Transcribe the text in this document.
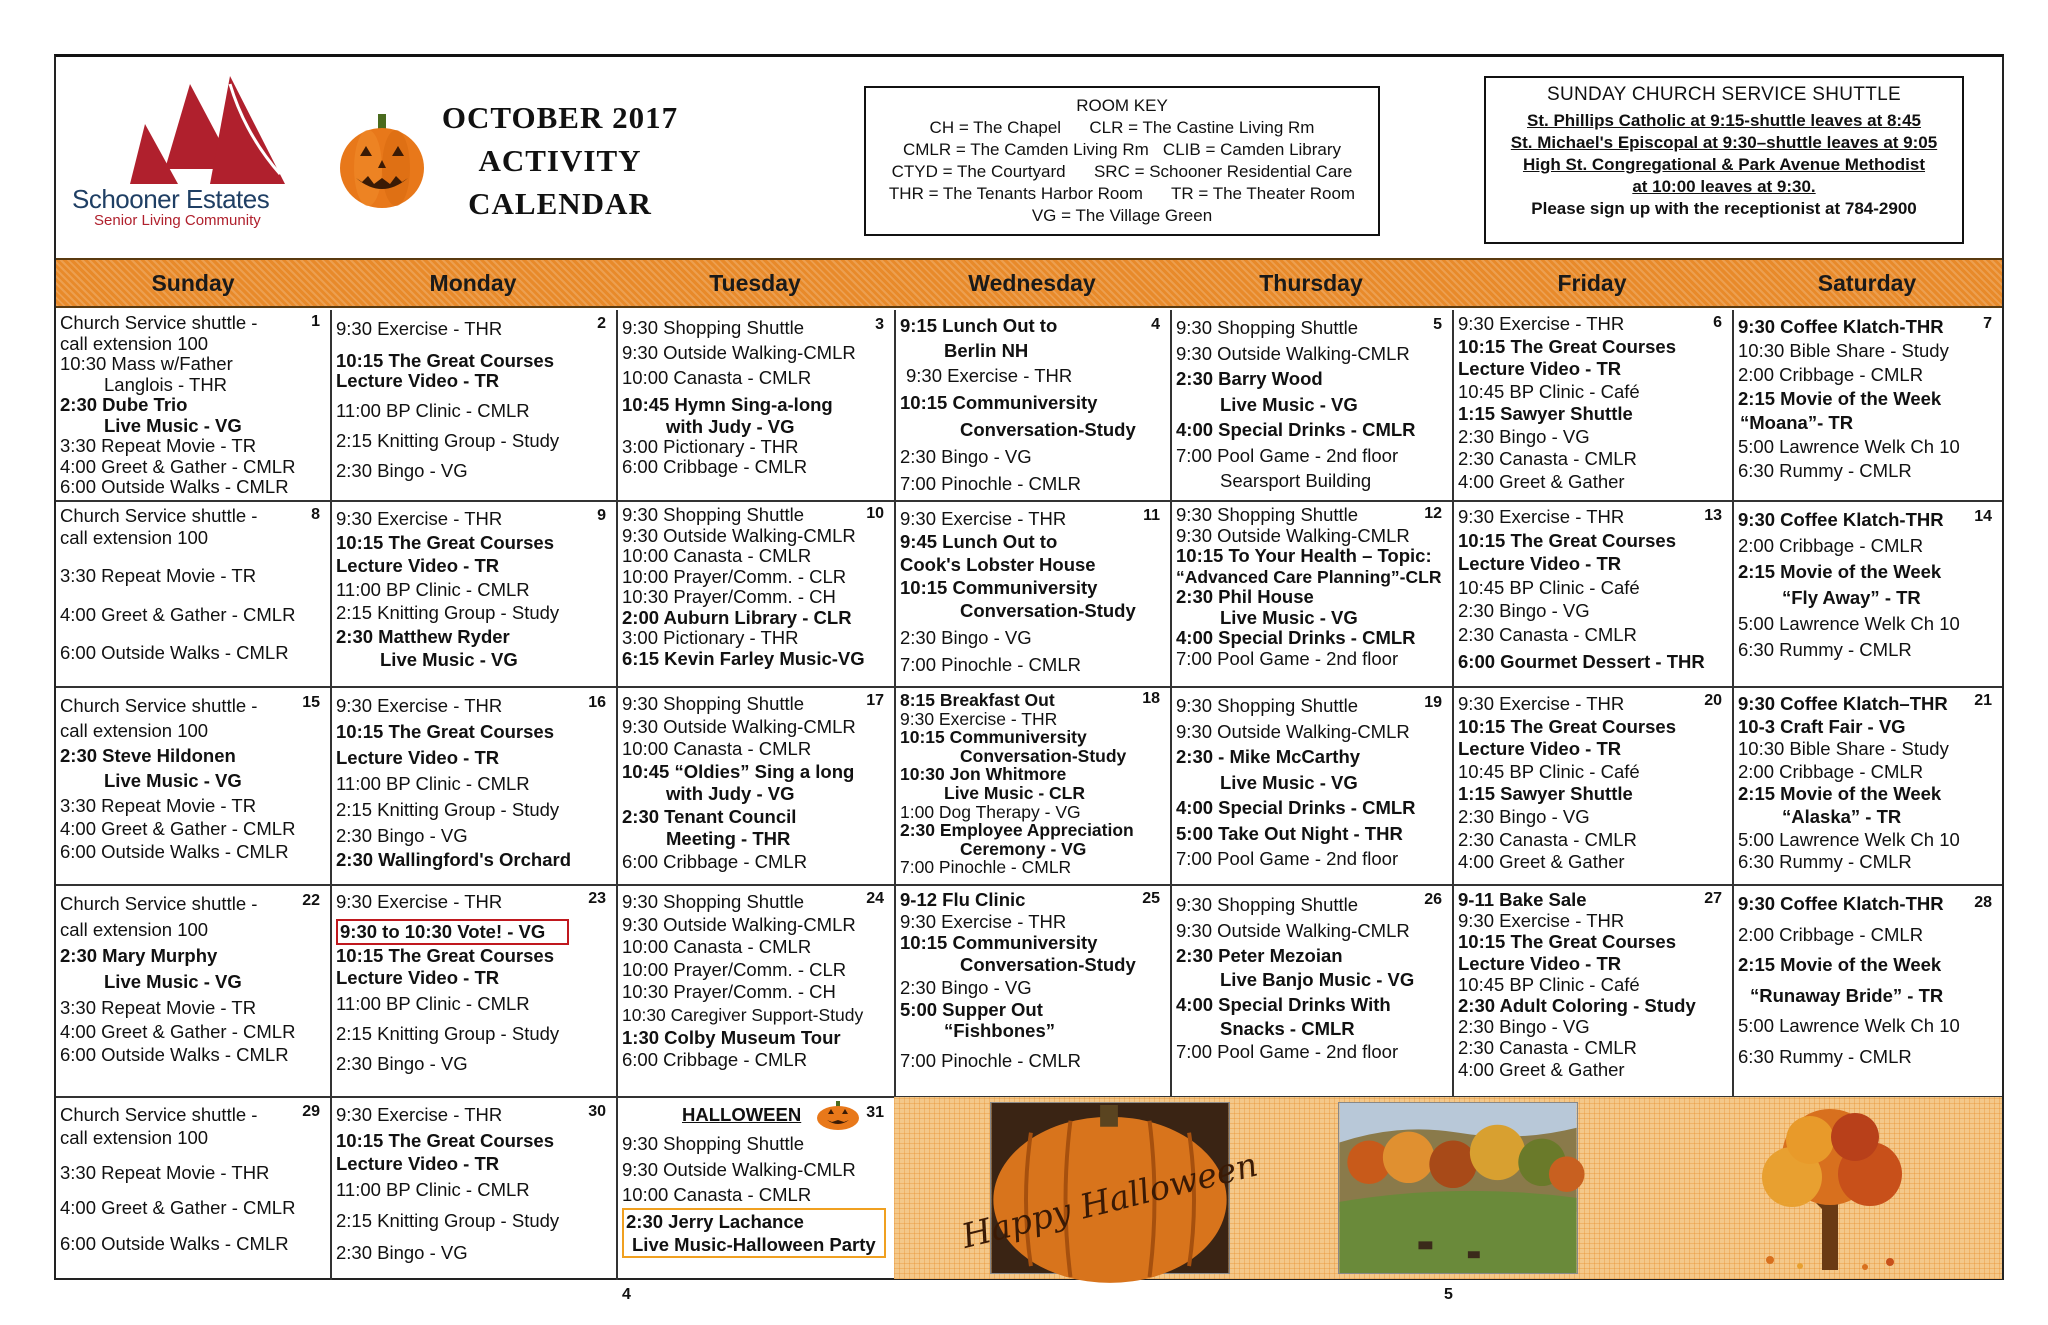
Schooner Estates
Senior Living Community
OCTOBER 2017
ACTIVITY
CALENDAR
ROOM KEY
CH = The Chapel      CLR = The Castine Living Rm
CMLR = The Camden Living Rm   CLIB = Camden Library
CTYD = The Courtyard      SRC = Schooner Residential Care
THR = The Tenants Harbor Room      TR = The Theater Room
VG = The Village Green
SUNDAY CHURCH SERVICE SHUTTLE
St. Phillips Catholic at 9:15-shuttle leaves at 8:45
St. Michael's Episcopal at 9:30–shuttle leaves at 9:05
High St. Congregational & Park Avenue Methodist
at 10:00 leaves at 9:30.
Please sign up with the receptionist at 784-2900
Sunday	Monday	Tuesday	Wednesday	Thursday	Friday	Saturday
1
Church Service shuttle -
call extension 100
10:30 Mass w/Father
Langlois - THR
2:30 Dube Trio
Live Music - VG
3:30 Repeat Movie - TR
4:00 Greet & Gather - CMLR
6:00 Outside Walks - CMLR
2
9:30 Exercise - THR
10:15 The Great Courses
Lecture Video - TR
11:00 BP Clinic - CMLR
2:15 Knitting Group - Study
2:30 Bingo - VG
3
9:30 Shopping Shuttle
9:30 Outside Walking-CMLR
10:00 Canasta - CMLR
10:45 Hymn Sing-a-long
with Judy - VG
3:00 Pictionary - THR
6:00 Cribbage - CMLR
4
9:15 Lunch Out to
Berlin NH
9:30 Exercise - THR
10:15 Communiversity
Conversation-Study
2:30 Bingo - VG
7:00 Pinochle - CMLR
5
9:30 Shopping Shuttle
9:30 Outside Walking-CMLR
2:30 Barry Wood
Live Music - VG
4:00 Special Drinks - CMLR
7:00 Pool Game - 2nd floor
Searsport Building
6
9:30 Exercise - THR
10:15 The Great Courses
Lecture Video - TR
10:45 BP Clinic - Café
1:15 Sawyer Shuttle
2:30 Bingo - VG
2:30 Canasta - CMLR
4:00 Greet & Gather
7
9:30 Coffee Klatch-THR
10:30 Bible Share - Study
2:00 Cribbage - CMLR
2:15 Movie of the Week
“Moana”- TR
5:00 Lawrence Welk Ch 10
6:30 Rummy - CMLR
8
Church Service shuttle -
call extension 100
3:30 Repeat Movie - TR
4:00 Greet & Gather - CMLR
6:00 Outside Walks - CMLR
9
9:30 Exercise - THR
10:15 The Great Courses
Lecture Video - TR
11:00 BP Clinic - CMLR
2:15 Knitting Group - Study
2:30 Matthew Ryder
Live Music - VG
10
9:30 Shopping Shuttle
9:30 Outside Walking-CMLR
10:00 Canasta - CMLR
10:00 Prayer/Comm. - CLR
10:30 Prayer/Comm. - CH
2:00 Auburn Library - CLR
3:00 Pictionary - THR
6:15 Kevin Farley Music-VG
11
9:30 Exercise - THR
9:45 Lunch Out to
Cook's Lobster House
10:15 Communiversity
Conversation-Study
2:30 Bingo - VG
7:00 Pinochle - CMLR
12
9:30 Shopping Shuttle
9:30 Outside Walking-CMLR
10:15 To Your Health – Topic:
“Advanced Care Planning”-CLR
2:30 Phil House
Live Music - VG
4:00 Special Drinks - CMLR
7:00 Pool Game - 2nd floor
13
9:30 Exercise - THR
10:15 The Great Courses
Lecture Video - TR
10:45 BP Clinic - Café
2:30 Bingo - VG
2:30 Canasta - CMLR
6:00 Gourmet Dessert - THR
14
9:30 Coffee Klatch-THR
2:00 Cribbage - CMLR
2:15 Movie of the Week
“Fly Away” - TR
5:00 Lawrence Welk Ch 10
6:30 Rummy - CMLR
15
Church Service shuttle -
call extension 100
2:30 Steve Hildonen
Live Music - VG
3:30 Repeat Movie - TR
4:00 Greet & Gather - CMLR
6:00 Outside Walks - CMLR
16
9:30 Exercise - THR
10:15 The Great Courses
Lecture Video - TR
11:00 BP Clinic - CMLR
2:15 Knitting Group - Study
2:30 Bingo - VG
2:30 Wallingford's Orchard
17
9:30 Shopping Shuttle
9:30 Outside Walking-CMLR
10:00 Canasta - CMLR
10:45 “Oldies” Sing a long
with Judy - VG
2:30 Tenant Council
Meeting - THR
6:00 Cribbage - CMLR
18
8:15 Breakfast Out
9:30 Exercise - THR
10:15 Communiversity
Conversation-Study
10:30 Jon Whitmore
Live Music - CLR
1:00 Dog Therapy - VG
2:30 Employee Appreciation
Ceremony - VG
7:00 Pinochle - CMLR
19
9:30 Shopping Shuttle
9:30 Outside Walking-CMLR
2:30 - Mike McCarthy
Live Music - VG
4:00 Special Drinks - CMLR
5:00 Take Out Night - THR
7:00 Pool Game - 2nd floor
20
9:30 Exercise - THR
10:15 The Great Courses
Lecture Video - TR
10:45 BP Clinic - Café
1:15 Sawyer Shuttle
2:30 Bingo - VG
2:30 Canasta - CMLR
4:00 Greet & Gather
21
9:30 Coffee Klatch–THR
10-3 Craft Fair - VG
10:30 Bible Share - Study
2:00 Cribbage - CMLR
2:15 Movie of the Week
“Alaska” - TR
5:00 Lawrence Welk Ch 10
6:30 Rummy - CMLR
22
Church Service shuttle -
call extension 100
2:30 Mary Murphy
Live Music - VG
3:30 Repeat Movie - TR
4:00 Greet & Gather - CMLR
6:00 Outside Walks - CMLR
23
9:30 Exercise - THR
9:30 to 10:30 Vote! - VG
10:15 The Great Courses
Lecture Video - TR
11:00 BP Clinic - CMLR
2:15 Knitting Group - Study
2:30 Bingo - VG
24
9:30 Shopping Shuttle
9:30 Outside Walking-CMLR
10:00 Canasta - CMLR
10:00 Prayer/Comm. - CLR
10:30 Prayer/Comm. - CH
10:30 Caregiver Support-Study
1:30 Colby Museum Tour
6:00 Cribbage - CMLR
25
9-12 Flu Clinic
9:30 Exercise - THR
10:15 Communiversity
Conversation-Study
2:30 Bingo - VG
5:00 Supper Out
“Fishbones”
7:00 Pinochle - CMLR
26
9:30 Shopping Shuttle
9:30 Outside Walking-CMLR
2:30 Peter Mezoian
Live Banjo Music - VG
4:00 Special Drinks With
Snacks - CMLR
7:00 Pool Game - 2nd floor
27
9-11 Bake Sale
9:30 Exercise - THR
10:15 The Great Courses
Lecture Video - TR
10:45 BP Clinic - Café
2:30 Adult Coloring - Study
2:30 Bingo - VG
2:30 Canasta - CMLR
4:00 Greet & Gather
28
9:30 Coffee Klatch-THR
2:00 Cribbage - CMLR
2:15 Movie of the Week
“Runaway Bride” - TR
5:00 Lawrence Welk Ch 10
6:30 Rummy - CMLR
29
Church Service shuttle -
call extension 100
3:30 Repeat Movie - THR
4:00 Greet & Gather - CMLR
6:00 Outside Walks - CMLR
30
9:30 Exercise - THR
10:15 The Great Courses
Lecture Video - TR
11:00 BP Clinic - CMLR
2:15 Knitting Group - Study
2:30 Bingo - VG
31
HALLOWEEN
9:30 Shopping Shuttle
9:30 Outside Walking-CMLR
10:00 Canasta - CMLR
2:30 Jerry Lachance
Live Music-Halloween Party Happy Halloween
4	5
